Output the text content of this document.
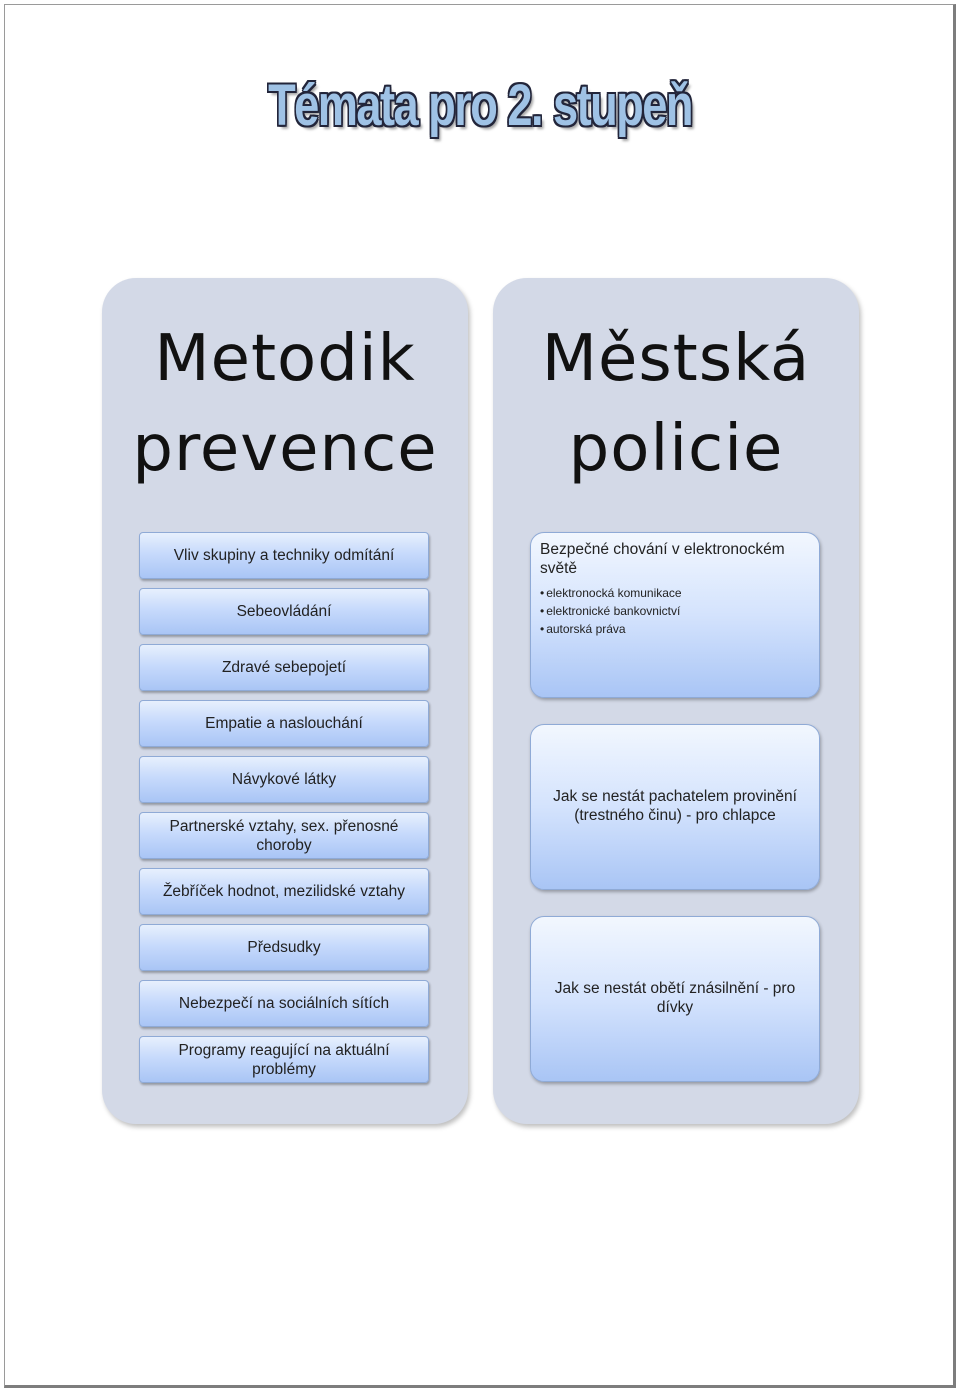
Témata pro 2. stupeň
Metodik
prevence
Vliv skupiny a techniky odmítání
Sebeovládání
Zdravé sebepojetí
Empatie a naslouchání
Návykové látky
Partnerské vztahy, sex. přenosné choroby
Žebříček hodnot, mezilidské vztahy
Předsudky
Nebezpečí na sociálních sítích
Programy reagující na aktuální problémy
Městská
policie
Bezpečné chování v elektronockém světě
• elektronocká komunikace
• elektronické bankovnictví
• autorská práva
Jak se nestát pachatelem provinění (trestného činu) - pro chlapce
Jak se nestát obětí znásilnění - pro dívky
